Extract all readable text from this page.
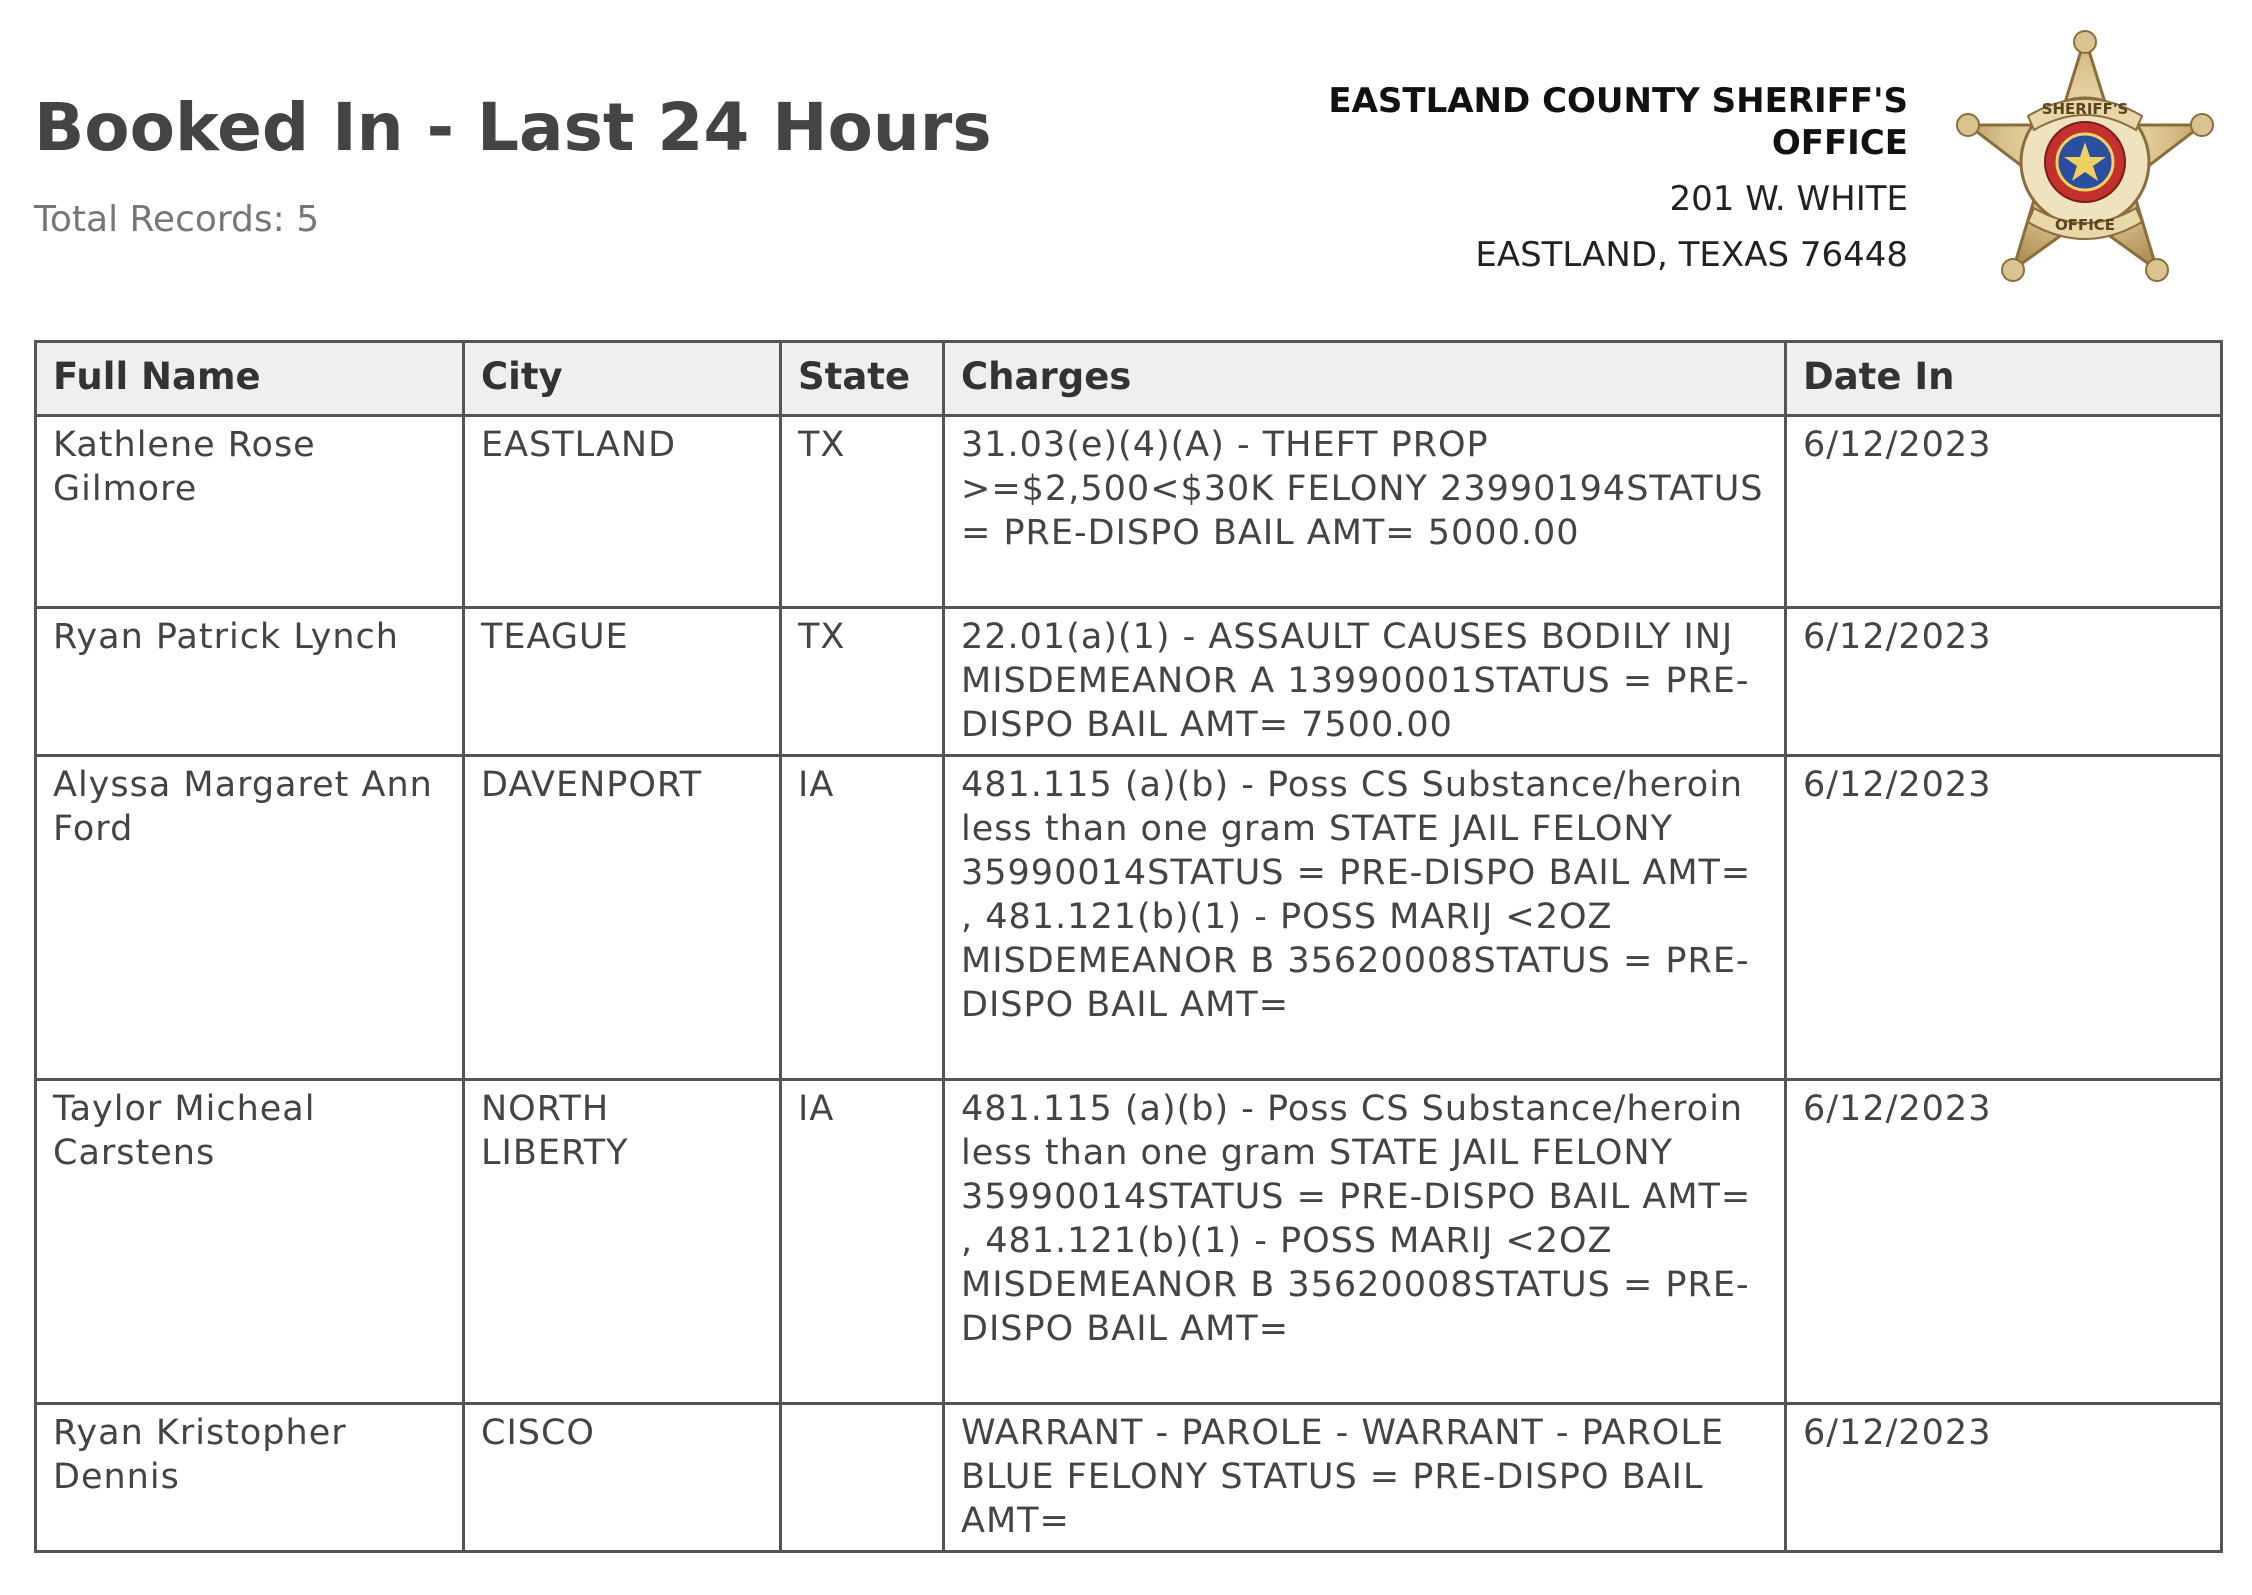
Booked In - Last 24 Hours
Total Records: 5
EASTLAND COUNTY SHERIFF'S
OFFICE
201 W. WHITE
EASTLAND, TEXAS 76448
SHERIFF'S
OFFICE
Full Name	City	State	Charges	Date In
Kathlene Rose Gilmore	EASTLAND	TX	31.03(e)(4)(A) - THEFT PROP >=$2,500<$30K FELONY 23990194STATUS = PRE-DISPO BAIL AMT= 5000.00	6/12/2023
Ryan Patrick Lynch	TEAGUE	TX	22.01(a)(1) - ASSAULT CAUSES BODILY INJ MISDEMEANOR A 13990001STATUS = PRE-DISPO BAIL AMT= 7500.00	6/12/2023
Alyssa Margaret Ann Ford	DAVENPORT	IA	481.115 (a)(b) - Poss CS Substance/heroin less than one gram STATE JAIL FELONY 35990014STATUS = PRE-DISPO BAIL AMT= , 481.121(b)(1) - POSS MARIJ <2OZ MISDEMEANOR B 35620008STATUS = PRE-DISPO BAIL AMT=	6/12/2023
Taylor Micheal Carstens	NORTH LIBERTY	IA	481.115 (a)(b) - Poss CS Substance/heroin less than one gram STATE JAIL FELONY 35990014STATUS = PRE-DISPO BAIL AMT= , 481.121(b)(1) - POSS MARIJ <2OZ MISDEMEANOR B 35620008STATUS = PRE-DISPO BAIL AMT=	6/12/2023
Ryan Kristopher Dennis	CISCO		WARRANT - PAROLE - WARRANT - PAROLE BLUE FELONY STATUS = PRE-DISPO BAIL AMT=	6/12/2023
